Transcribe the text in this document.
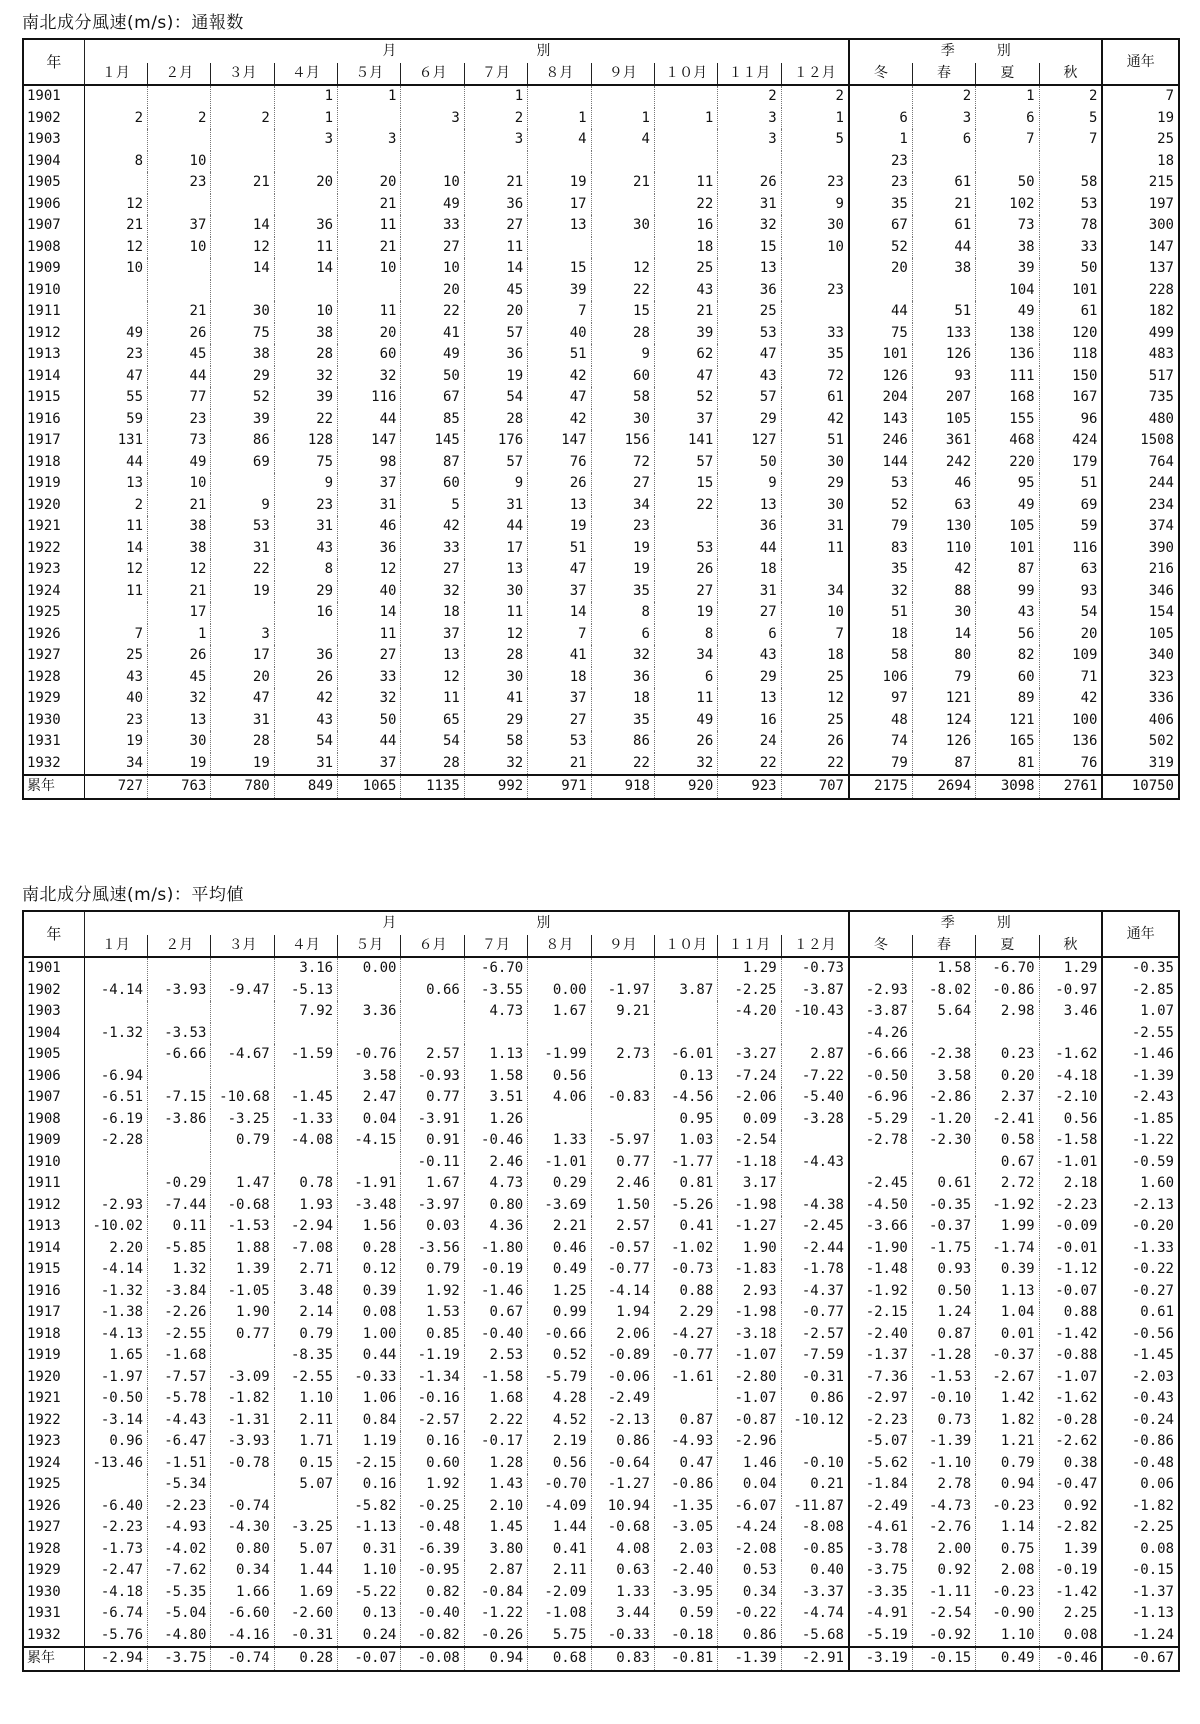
南北成分風速(m/s)：通報数
年	月　　　　　　　　　　別												季　　　別				通年
	１月	２月	３月	４月	５月	６月	７月	８月	９月	１０月	１１月	１２月	冬	春	夏	秋	
1901				1	1		1				2	2		2	1	2	7
1902	2	2	2	1		3	2	1	1	1	3	1	6	3	6	5	19
1903				3	3		3	4	4		3	5	1	6	7	7	25
1904	8	10											23				18
1905		23	21	20	20	10	21	19	21	11	26	23	23	61	50	58	215
1906	12				21	49	36	17		22	31	9	35	21	102	53	197
1907	21	37	14	36	11	33	27	13	30	16	32	30	67	61	73	78	300
1908	12	10	12	11	21	27	11			18	15	10	52	44	38	33	147
1909	10		14	14	10	10	14	15	12	25	13		20	38	39	50	137
1910						20	45	39	22	43	36	23			104	101	228
1911		21	30	10	11	22	20	7	15	21	25		44	51	49	61	182
1912	49	26	75	38	20	41	57	40	28	39	53	33	75	133	138	120	499
1913	23	45	38	28	60	49	36	51	9	62	47	35	101	126	136	118	483
1914	47	44	29	32	32	50	19	42	60	47	43	72	126	93	111	150	517
1915	55	77	52	39	116	67	54	47	58	52	57	61	204	207	168	167	735
1916	59	23	39	22	44	85	28	42	30	37	29	42	143	105	155	96	480
1917	131	73	86	128	147	145	176	147	156	141	127	51	246	361	468	424	1508
1918	44	49	69	75	98	87	57	76	72	57	50	30	144	242	220	179	764
1919	13	10		9	37	60	9	26	27	15	9	29	53	46	95	51	244
1920	2	21	9	23	31	5	31	13	34	22	13	30	52	63	49	69	234
1921	11	38	53	31	46	42	44	19	23		36	31	79	130	105	59	374
1922	14	38	31	43	36	33	17	51	19	53	44	11	83	110	101	116	390
1923	12	12	22	8	12	27	13	47	19	26	18		35	42	87	63	216
1924	11	21	19	29	40	32	30	37	35	27	31	34	32	88	99	93	346
1925		17		16	14	18	11	14	8	19	27	10	51	30	43	54	154
1926	7	1	3		11	37	12	7	6	8	6	7	18	14	56	20	105
1927	25	26	17	36	27	13	28	41	32	34	43	18	58	80	82	109	340
1928	43	45	20	26	33	12	30	18	36	6	29	25	106	79	60	71	323
1929	40	32	47	42	32	11	41	37	18	11	13	12	97	121	89	42	336
1930	23	13	31	43	50	65	29	27	35	49	16	25	48	124	121	100	406
1931	19	30	28	54	44	54	58	53	86	26	24	26	74	126	165	136	502
1932	34	19	19	31	37	28	32	21	22	32	22	22	79	87	81	76	319
累年	727	763	780	849	1065	1135	992	971	918	920	923	707	2175	2694	3098	2761	10750
南北成分風速(m/s)：平均値
年	月　　　　　　　　　　別												季　　　別				通年
	１月	２月	３月	４月	５月	６月	７月	８月	９月	１０月	１１月	１２月	冬	春	夏	秋	
1901				3.16	0.00		-6.70				1.29	-0.73		1.58	-6.70	1.29	-0.35
1902	-4.14	-3.93	-9.47	-5.13		0.66	-3.55	0.00	-1.97	3.87	-2.25	-3.87	-2.93	-8.02	-0.86	-0.97	-2.85
1903				7.92	3.36		4.73	1.67	9.21		-4.20	-10.43	-3.87	5.64	2.98	3.46	1.07
1904	-1.32	-3.53											-4.26				-2.55
1905		-6.66	-4.67	-1.59	-0.76	2.57	1.13	-1.99	2.73	-6.01	-3.27	2.87	-6.66	-2.38	0.23	-1.62	-1.46
1906	-6.94				3.58	-0.93	1.58	0.56		0.13	-7.24	-7.22	-0.50	3.58	0.20	-4.18	-1.39
1907	-6.51	-7.15	-10.68	-1.45	2.47	0.77	3.51	4.06	-0.83	-4.56	-2.06	-5.40	-6.96	-2.86	2.37	-2.10	-2.43
1908	-6.19	-3.86	-3.25	-1.33	0.04	-3.91	1.26			0.95	0.09	-3.28	-5.29	-1.20	-2.41	0.56	-1.85
1909	-2.28		0.79	-4.08	-4.15	0.91	-0.46	1.33	-5.97	1.03	-2.54		-2.78	-2.30	0.58	-1.58	-1.22
1910						-0.11	2.46	-1.01	0.77	-1.77	-1.18	-4.43			0.67	-1.01	-0.59
1911		-0.29	1.47	0.78	-1.91	1.67	4.73	0.29	2.46	0.81	3.17		-2.45	0.61	2.72	2.18	1.60
1912	-2.93	-7.44	-0.68	1.93	-3.48	-3.97	0.80	-3.69	1.50	-5.26	-1.98	-4.38	-4.50	-0.35	-1.92	-2.23	-2.13
1913	-10.02	0.11	-1.53	-2.94	1.56	0.03	4.36	2.21	2.57	0.41	-1.27	-2.45	-3.66	-0.37	1.99	-0.09	-0.20
1914	2.20	-5.85	1.88	-7.08	0.28	-3.56	-1.80	0.46	-0.57	-1.02	1.90	-2.44	-1.90	-1.75	-1.74	-0.01	-1.33
1915	-4.14	1.32	1.39	2.71	0.12	0.79	-0.19	0.49	-0.77	-0.73	-1.83	-1.78	-1.48	0.93	0.39	-1.12	-0.22
1916	-1.32	-3.84	-1.05	3.48	0.39	1.92	-1.46	1.25	-4.14	0.88	2.93	-4.37	-1.92	0.50	1.13	-0.07	-0.27
1917	-1.38	-2.26	1.90	2.14	0.08	1.53	0.67	0.99	1.94	2.29	-1.98	-0.77	-2.15	1.24	1.04	0.88	0.61
1918	-4.13	-2.55	0.77	0.79	1.00	0.85	-0.40	-0.66	2.06	-4.27	-3.18	-2.57	-2.40	0.87	0.01	-1.42	-0.56
1919	1.65	-1.68		-8.35	0.44	-1.19	2.53	0.52	-0.89	-0.77	-1.07	-7.59	-1.37	-1.28	-0.37	-0.88	-1.45
1920	-1.97	-7.57	-3.09	-2.55	-0.33	-1.34	-1.58	-5.79	-0.06	-1.61	-2.80	-0.31	-7.36	-1.53	-2.67	-1.07	-2.03
1921	-0.50	-5.78	-1.82	1.10	1.06	-0.16	1.68	4.28	-2.49		-1.07	0.86	-2.97	-0.10	1.42	-1.62	-0.43
1922	-3.14	-4.43	-1.31	2.11	0.84	-2.57	2.22	4.52	-2.13	0.87	-0.87	-10.12	-2.23	0.73	1.82	-0.28	-0.24
1923	0.96	-6.47	-3.93	1.71	1.19	0.16	-0.17	2.19	0.86	-4.93	-2.96		-5.07	-1.39	1.21	-2.62	-0.86
1924	-13.46	-1.51	-0.78	0.15	-2.15	0.60	1.28	0.56	-0.64	0.47	1.46	-0.10	-5.62	-1.10	0.79	0.38	-0.48
1925		-5.34		5.07	0.16	1.92	1.43	-0.70	-1.27	-0.86	0.04	0.21	-1.84	2.78	0.94	-0.47	0.06
1926	-6.40	-2.23	-0.74		-5.82	-0.25	2.10	-4.09	10.94	-1.35	-6.07	-11.87	-2.49	-4.73	-0.23	0.92	-1.82
1927	-2.23	-4.93	-4.30	-3.25	-1.13	-0.48	1.45	1.44	-0.68	-3.05	-4.24	-8.08	-4.61	-2.76	1.14	-2.82	-2.25
1928	-1.73	-4.02	0.80	5.07	0.31	-6.39	3.80	0.41	4.08	2.03	-2.08	-0.85	-3.78	2.00	0.75	1.39	0.08
1929	-2.47	-7.62	0.34	1.44	1.10	-0.95	2.87	2.11	0.63	-2.40	0.53	0.40	-3.75	0.92	2.08	-0.19	-0.15
1930	-4.18	-5.35	1.66	1.69	-5.22	0.82	-0.84	-2.09	1.33	-3.95	0.34	-3.37	-3.35	-1.11	-0.23	-1.42	-1.37
1931	-6.74	-5.04	-6.60	-2.60	0.13	-0.40	-1.22	-1.08	3.44	0.59	-0.22	-4.74	-4.91	-2.54	-0.90	2.25	-1.13
1932	-5.76	-4.80	-4.16	-0.31	0.24	-0.82	-0.26	5.75	-0.33	-0.18	0.86	-5.68	-5.19	-0.92	1.10	0.08	-1.24
累年	-2.94	-3.75	-0.74	0.28	-0.07	-0.08	0.94	0.68	0.83	-0.81	-1.39	-2.91	-3.19	-0.15	0.49	-0.46	-0.67
